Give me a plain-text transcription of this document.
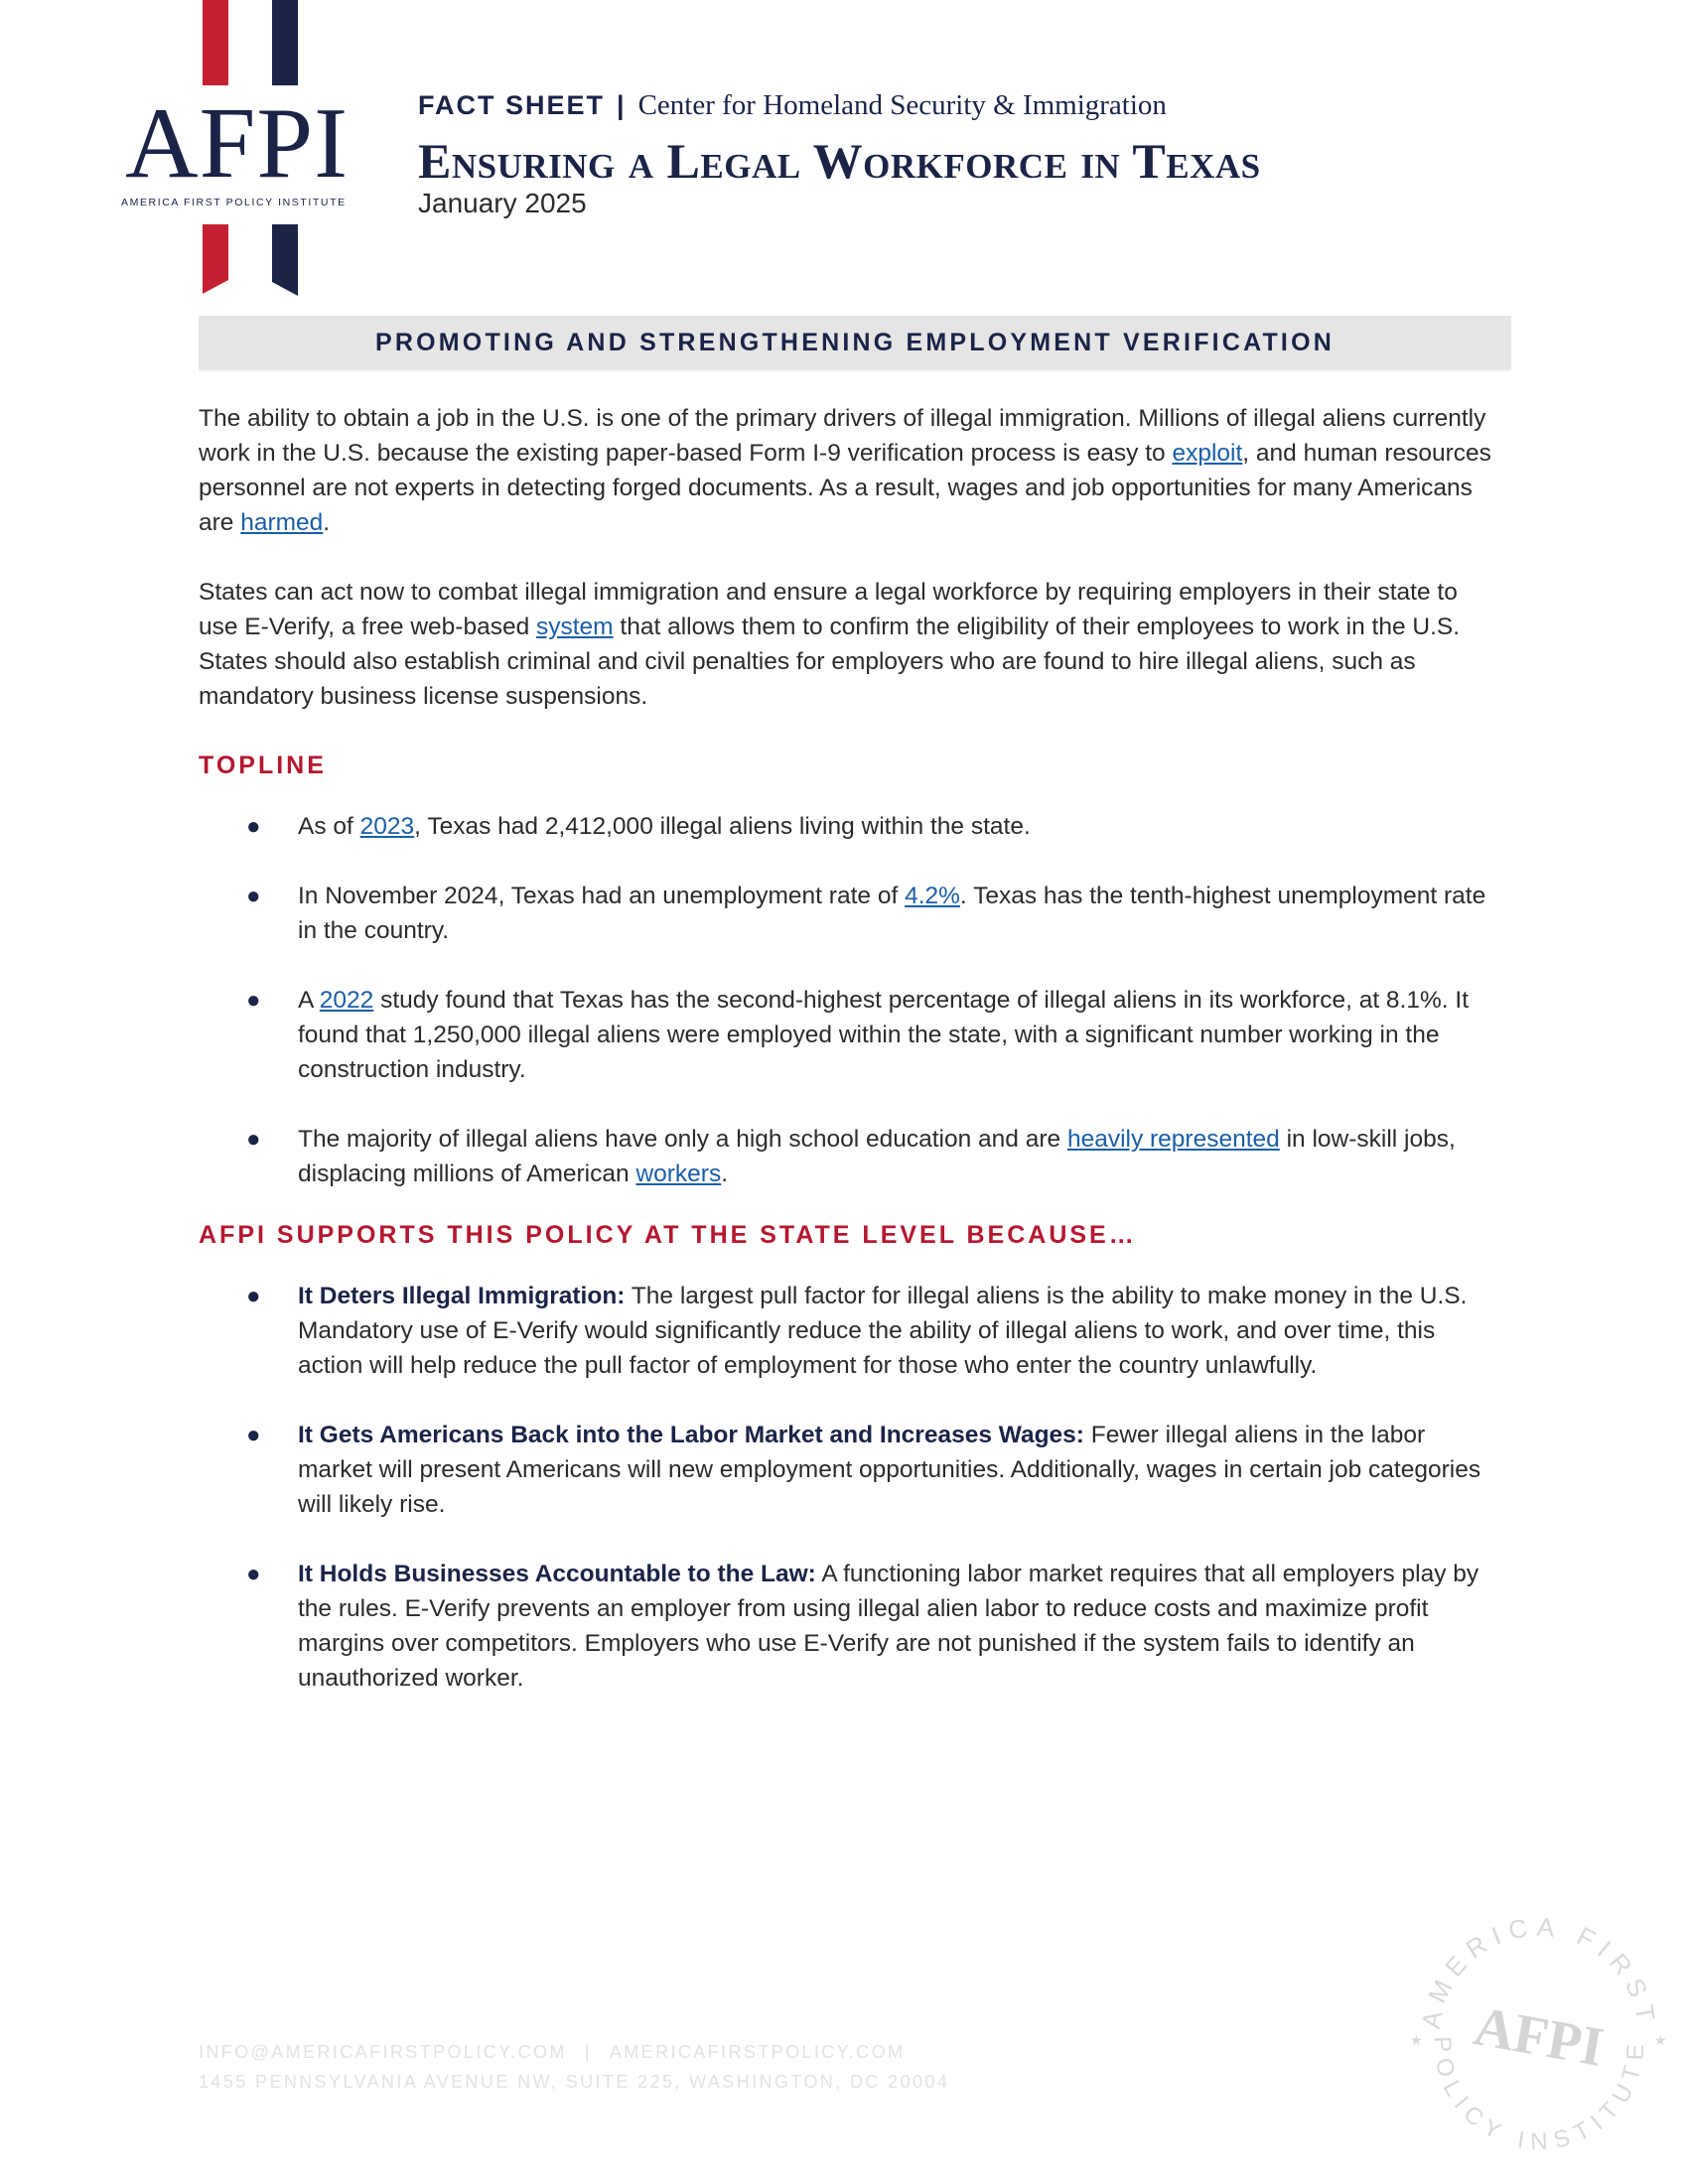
AFPI
AMERICA FIRST POLICY INSTITUTE
FACT SHEET | Center for Homeland Security & Immigration
Ensuring a Legal Workforce in Texas
January 2025
PROMOTING AND STRENGTHENING EMPLOYMENT VERIFICATION

The ability to obtain a job in the U.S. is one of the primary drivers of illegal immigration. Millions of illegal aliens currently work in the U.S. because the existing paper-based Form I-9 verification process is easy to exploit, and human resources personnel are not experts in detecting forged documents. As a result, wages and job opportunities for many Americans are harmed.

States can act now to combat illegal immigration and ensure a legal workforce by requiring employers in their state to use E-Verify, a free web-based system that allows them to confirm the eligibility of their employees to work in the U.S. States should also establish criminal and civil penalties for employers who are found to hire illegal aliens, such as mandatory business license suspensions.

TOPLINE
● As of 2023, Texas had 2,412,000 illegal aliens living within the state.
● In November 2024, Texas had an unemployment rate of 4.2%. Texas has the tenth-highest unemployment rate in the country.
● A 2022 study found that Texas has the second-highest percentage of illegal aliens in its workforce, at 8.1%. It found that 1,250,000 illegal aliens were employed within the state, with a significant number working in the construction industry.
● The majority of illegal aliens have only a high school education and are heavily represented in low-skill jobs, displacing millions of American workers.
AFPI SUPPORTS THIS POLICY AT THE STATE LEVEL BECAUSE…
● It Deters Illegal Immigration: The largest pull factor for illegal aliens is the ability to make money in the U.S. Mandatory use of E-Verify would significantly reduce the ability of illegal aliens to work, and over time, this action will help reduce the pull factor of employment for those who enter the country unlawfully.
● It Gets Americans Back into the Labor Market and Increases Wages: Fewer illegal aliens in the labor market will present Americans will new employment opportunities. Additionally, wages in certain job categories will likely rise.
● It Holds Businesses Accountable to the Law: A functioning labor market requires that all employers play by the rules. E-Verify prevents an employer from using illegal alien labor to reduce costs and maximize profit margins over competitors. Employers who use E-Verify are not punished if the system fails to identify an unauthorized worker.
INFO@AMERICAFIRSTPOLICY.COM | AMERICAFIRSTPOLICY.COM
1455 PENNSYLVANIA AVENUE NW, SUITE 225, WASHINGTON, DC 20004
AMERICA FIRST
POLICY INSTITUTE
AFPI
★	★
